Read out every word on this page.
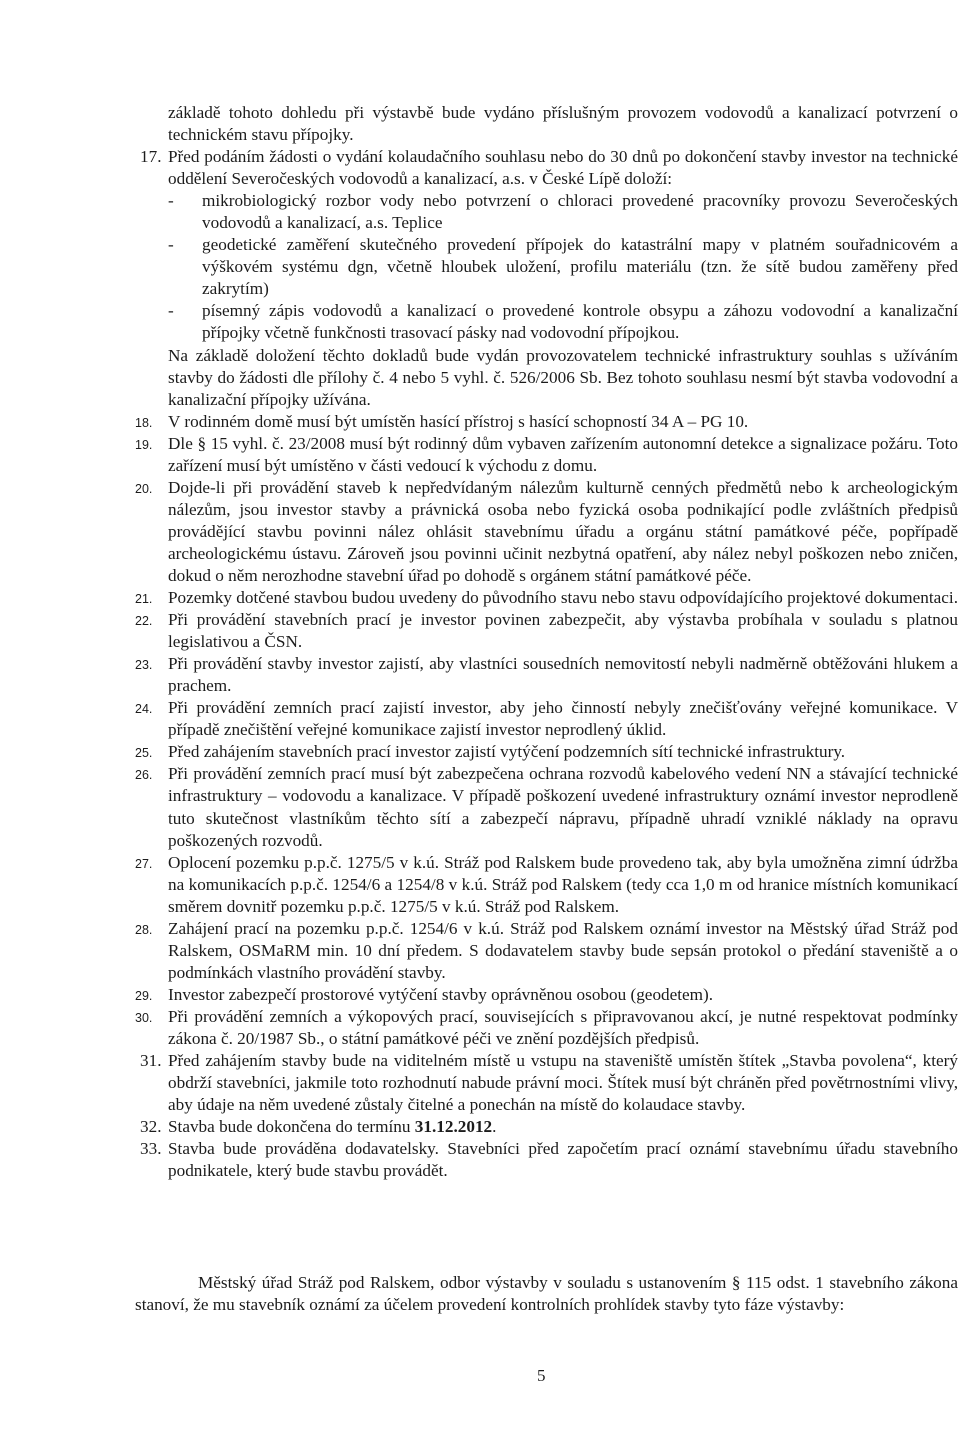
základě tohoto dohledu při výstavbě bude vydáno příslušným provozem vodovodů a kanalizací potvrzení o technickém stavu přípojky.

17. Před podáním žádosti o vydání kolaudačního souhlasu nebo do 30 dnů po dokončení stavby investor na technické oddělení Severočeských vodovodů a kanalizací, a.s. v České Lípě doloží:

- mikrobiologický rozbor vody nebo potvrzení o chloraci provedené pracovníky provozu Severočeských vodovodů a kanalizací, a.s. Teplice

- geodetické zaměření skutečného provedení přípojek do katastrální mapy v platném souřadnicovém a výškovém systému dgn, včetně hloubek uložení, profilu materiálu (tzn. že sítě budou zaměřeny před zakrytím)

- písemný zápis vodovodů a kanalizací o provedené kontrole obsypu a záhozu vodovodní a kanalizační přípojky včetně funkčnosti trasovací pásky nad vodovodní přípojkou.

Na základě doložení těchto dokladů bude vydán provozovatelem technické infrastruktury souhlas s užíváním stavby do žádosti dle přílohy č. 4 nebo 5 vyhl. č. 526/2006 Sb. Bez tohoto souhlasu nesmí být stavba vodovodní a kanalizační přípojky užívána.

18. V rodinném domě musí být umístěn hasící přístroj s hasící schopností 34 A – PG 10.

19. Dle § 15 vyhl. č. 23/2008 musí být rodinný dům vybaven zařízením autonomní detekce a signalizace požáru. Toto zařízení musí být umístěno v části vedoucí k východu z domu.

20. Dojde-li při provádění staveb k nepředvídaným nálezům kulturně cenných předmětů nebo k archeologickým nálezům, jsou investor stavby a právnická osoba nebo fyzická osoba podnikající podle zvláštních předpisů provádějící stavbu povinni nález ohlásit stavebnímu úřadu a orgánu státní památkové péče, popřípadě archeologickému ústavu. Zároveň jsou povinni učinit nezbytná opatření, aby nález nebyl poškozen nebo zničen, dokud o něm nerozhodne stavební úřad po dohodě s orgánem státní památkové péče.

21. Pozemky dotčené stavbou budou uvedeny do původního stavu nebo stavu odpovídajícího projektové dokumentaci.

22. Při provádění stavebních prací je investor povinen zabezpečit, aby výstavba probíhala v souladu s platnou legislativou a ČSN.

23. Při provádění stavby investor zajistí, aby vlastníci sousedních nemovitostí nebyli nadměrně obtěžováni hlukem a prachem.

24. Při provádění zemních prací zajistí investor, aby jeho činností nebyly znečišťovány veřejné komunikace. V případě znečištění veřejné komunikace zajistí investor neprodlený úklid.

25. Před zahájením stavebních prací investor zajistí vytýčení podzemních sítí technické infrastruktury.

26. Při provádění zemních prací musí být zabezpečena ochrana rozvodů kabelového vedení NN a stávající technické infrastruktury – vodovodu a kanalizace. V případě poškození uvedené infrastruktury oznámí investor neprodleně tuto skutečnost vlastníkům těchto sítí a zabezpečí nápravu, případně uhradí vzniklé náklady na opravu poškozených rozvodů.

27. Oplocení pozemku p.p.č. 1275/5 v k.ú. Stráž pod Ralskem bude provedeno tak, aby byla umožněna zimní údržba na komunikacích p.p.č. 1254/6 a 1254/8 v k.ú. Stráž pod Ralskem (tedy cca 1,0 m od hranice místních komunikací směrem dovnitř pozemku p.p.č. 1275/5 v k.ú. Stráž pod Ralskem.

28. Zahájení prací na pozemku p.p.č. 1254/6 v k.ú. Stráž pod Ralskem oznámí investor na Městský úřad Stráž pod Ralskem, OSMaRM min. 10 dní předem. S dodavatelem stavby bude sepsán protokol o předání staveniště a o podmínkách vlastního provádění stavby.

29. Investor zabezpečí prostorové vytýčení stavby oprávněnou osobou (geodetem).

30. Při provádění zemních a výkopových prací, souvisejících s připravovanou akcí, je nutné respektovat podmínky zákona č. 20/1987 Sb., o státní památkové péči ve znění pozdějších předpisů.

31. Před zahájením stavby bude na viditelném místě u vstupu na staveniště umístěn štítek „Stavba povolena“, který obdrží stavebníci, jakmile toto rozhodnutí nabude právní moci. Štítek musí být chráněn před povětrnostními vlivy, aby údaje na něm uvedené zůstaly čitelné a ponechán na místě do kolaudace stavby.

32. Stavba bude dokončena do termínu 31.12.2012.

33. Stavba bude prováděna dodavatelsky. Stavebníci před započetím prací oznámí stavebnímu úřadu stavebního podnikatele, který bude stavbu provádět.

Městský úřad Stráž pod Ralskem, odbor výstavby v souladu s ustanovením § 115 odst. 1 stavebního zákona stanoví, že mu stavebník oznámí za účelem provedení kontrolních prohlídek stavby tyto fáze výstavby:

5
